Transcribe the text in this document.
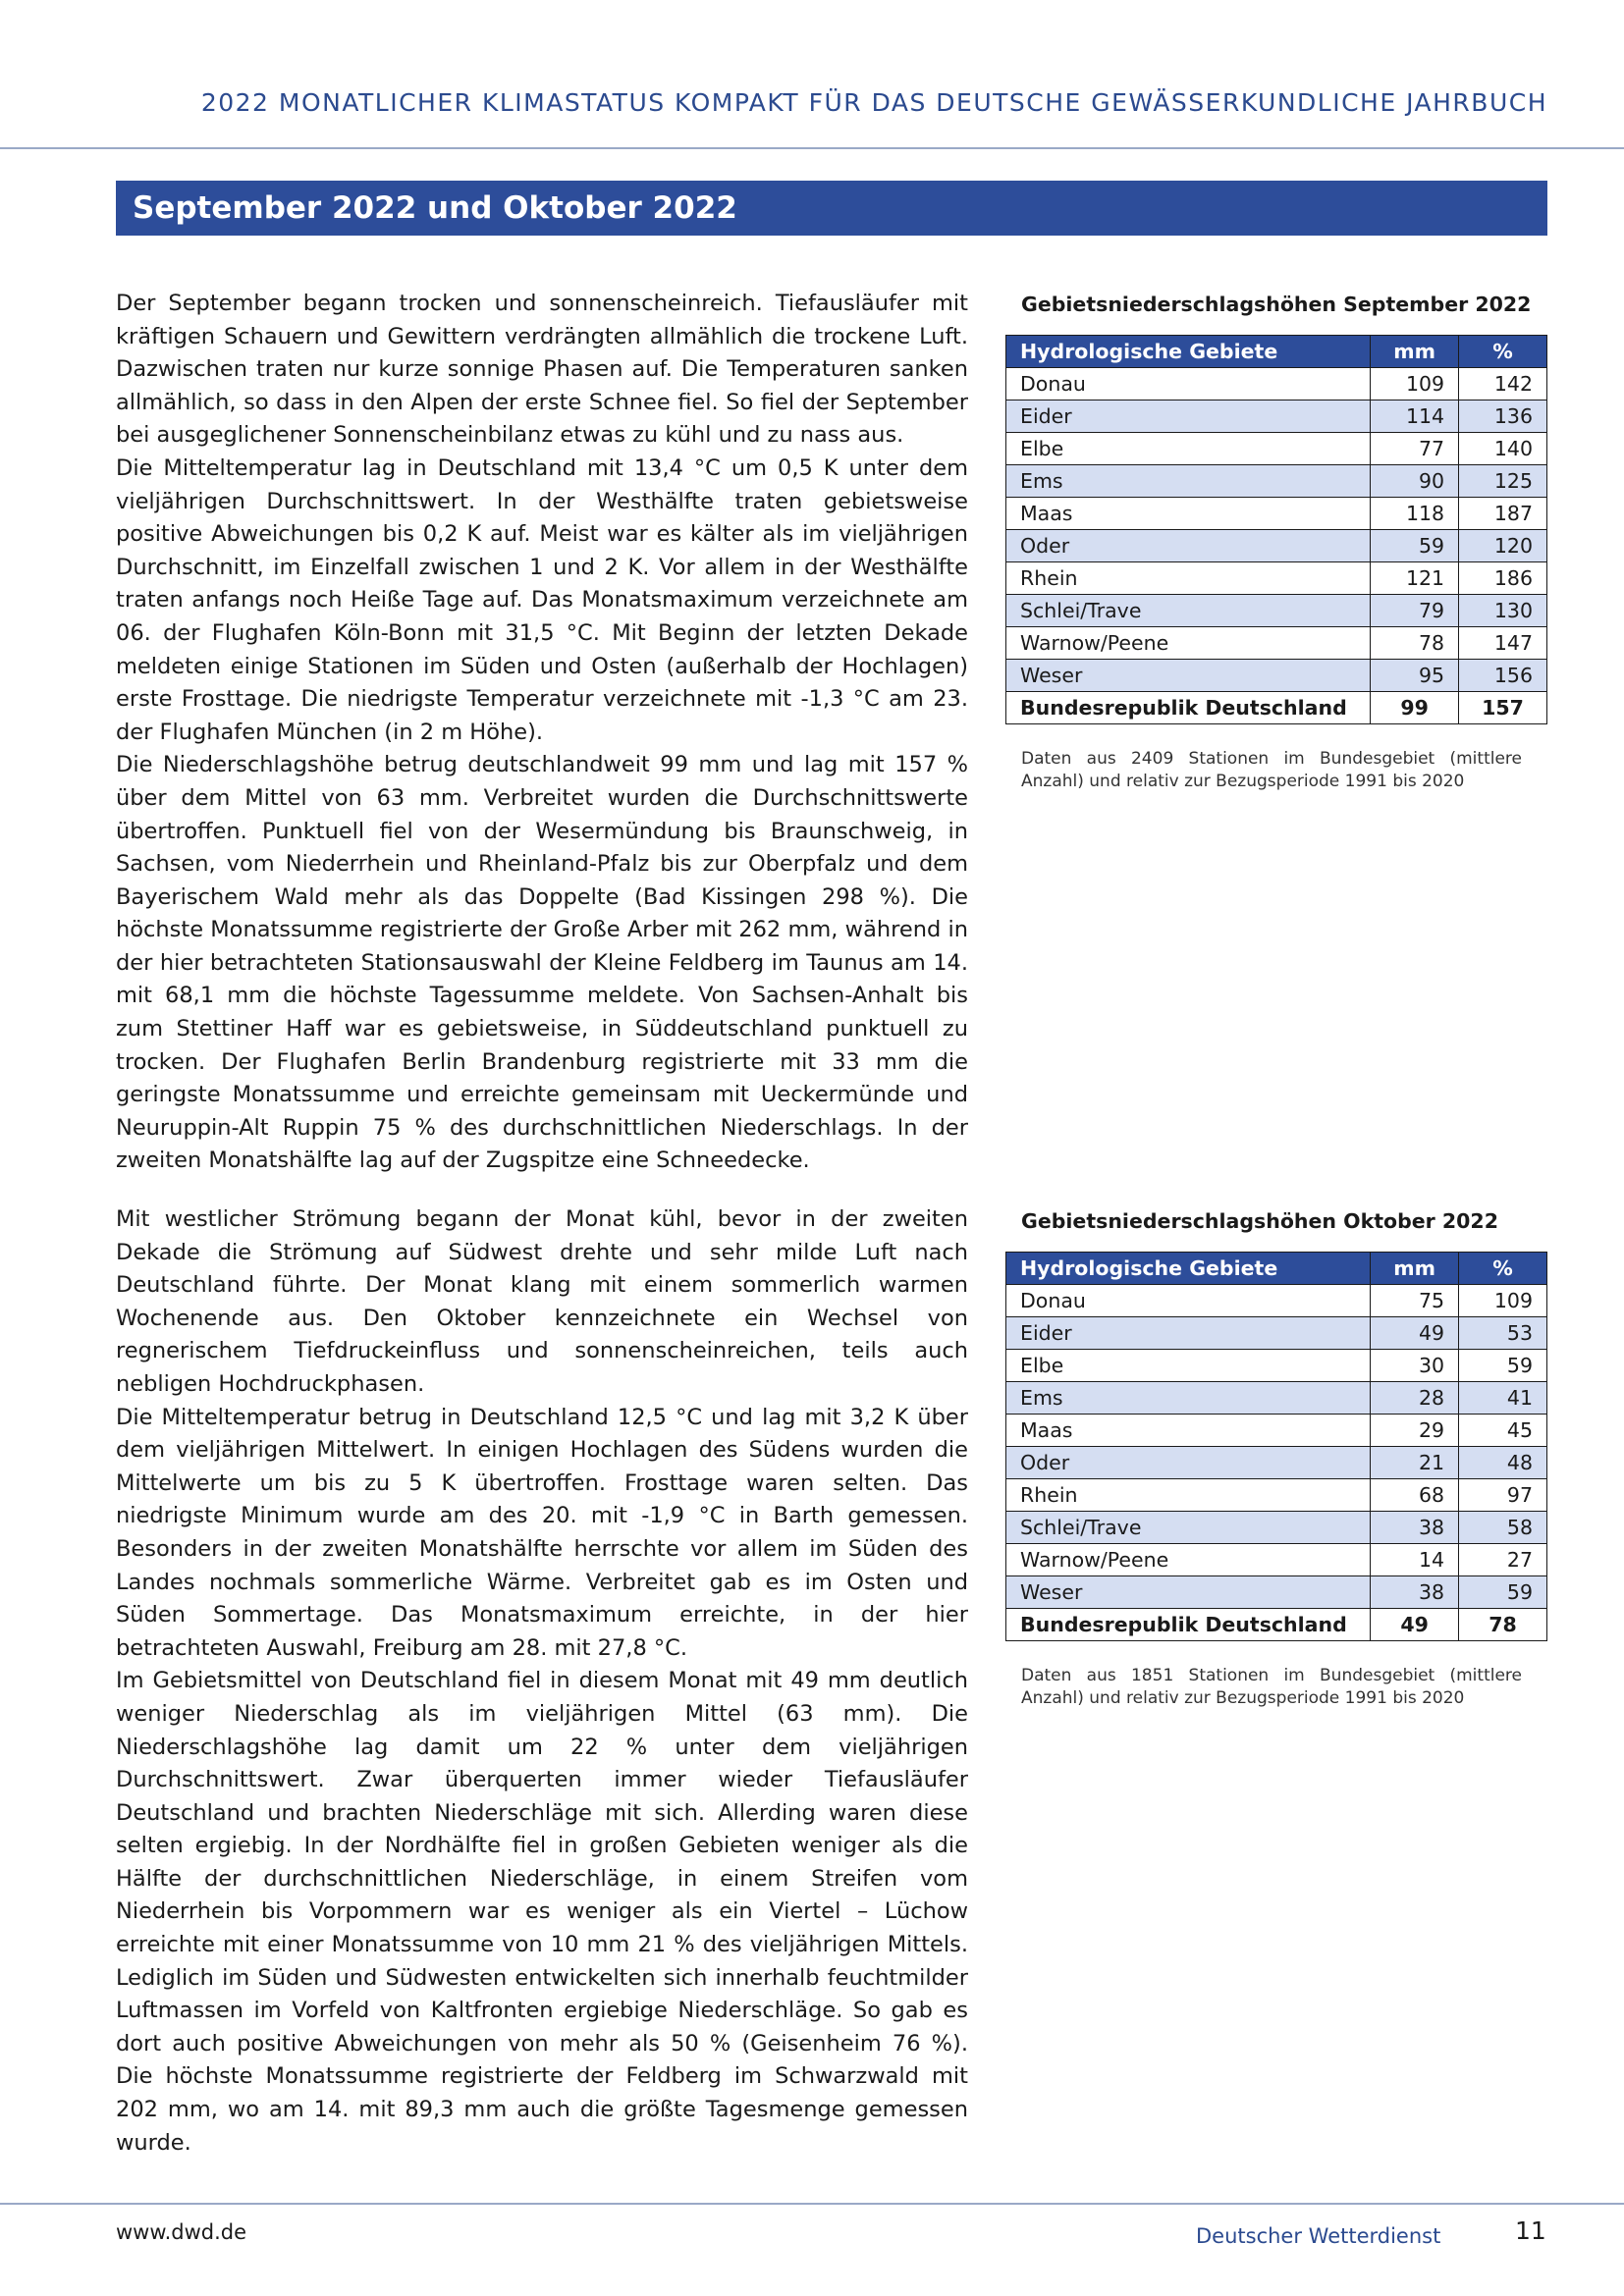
2022 MONATLICHER KLIMASTATUS KOMPAKT FÜR DAS DEUTSCHE GEWÄSSERKUNDLICHE JAHRBUCH
September 2022 und Oktober 2022

Der September begann trocken und sonnenscheinreich. Tiefausläufer mit kräftigen Schauern und Gewittern verdrängten allmählich die trockene Luft. Dazwischen traten nur kurze sonnige Phasen auf. Die Temperaturen sanken allmählich, so dass in den Alpen der erste Schnee fiel. So fiel der September bei ausgeglichener Sonnenscheinbilanz etwas zu kühl und zu nass aus.

Die Mitteltemperatur lag in Deutschland mit 13,4 °C um 0,5 K unter dem vieljährigen Durchschnittswert. In der Westhälfte traten gebietsweise positive Abweichungen bis 0,2 K auf. Meist war es kälter als im vieljährigen Durchschnitt, im Einzelfall zwischen 1 und 2 K. Vor allem in der Westhälfte traten anfangs noch Heiße Tage auf. Das Monatsmaximum verzeichnete am 06. der Flughafen Köln-Bonn mit 31,5 °C. Mit Beginn der letzten Dekade meldeten einige Stationen im Süden und Osten (außerhalb der Hochlagen) erste Frosttage. Die niedrigste Temperatur verzeichnete mit -1,3 °C am 23. der Flughafen München (in 2 m Höhe).

Die Niederschlagshöhe betrug deutschlandweit 99 mm und lag mit 157 % über dem Mittel von 63 mm. Verbreitet wurden die Durchschnittswerte übertroffen. Punktuell fiel von der Wesermündung bis Braunschweig, in Sachsen, vom Niederrhein und Rheinland-Pfalz bis zur Oberpfalz und dem Bayerischem Wald mehr als das Doppelte (Bad Kissingen 298 %). Die höchste Monatssumme registrierte der Große Arber mit 262 mm, während in der hier betrachteten Stationsauswahl der Kleine Feldberg im Taunus am 14. mit 68,1 mm die höchste Tagessumme meldete. Von Sachsen-Anhalt bis zum Stettiner Haff war es gebietsweise, in Süddeutschland punktuell zu trocken. Der Flughafen Berlin Brandenburg registrierte mit 33 mm die geringste Monatssumme und erreichte gemeinsam mit Ueckermünde und Neuruppin-Alt Ruppin 75 % des durchschnittlichen Niederschlags. In der zweiten Monatshälfte lag auf der Zugspitze eine Schneedecke.

Gebietsniederschlagshöhen September 2022
Hydrologische Gebiete	mm	%
Donau	109	142
Eider	114	136
Elbe	77	140
Ems	90	125
Maas	118	187
Oder	59	120
Rhein	121	186
Schlei/Trave	79	130
Warnow/Peene	78	147
Weser	95	156
Bundesrepublik Deutschland	99	157
Daten aus 2409 Stationen im Bundesgebiet (mittlere Anzahl) und relativ zur Bezugsperiode 1991 bis 2020

Mit westlicher Strömung begann der Monat kühl, bevor in der zweiten Dekade die Strömung auf Südwest drehte und sehr milde Luft nach Deutschland führte. Der Monat klang mit einem sommerlich warmen Wochenende aus. Den Oktober kennzeichnete ein Wechsel von regnerischem Tiefdruckeinfluss und sonnenscheinreichen, teils auch nebligen Hochdruckphasen.

Die Mitteltemperatur betrug in Deutschland 12,5 °C und lag mit 3,2 K über dem vieljährigen Mittelwert. In einigen Hochlagen des Südens wurden die Mittelwerte um bis zu 5 K übertroffen. Frosttage waren selten. Das niedrigste Minimum wurde am des 20. mit -1,9 °C in Barth gemessen. Besonders in der zweiten Monatshälfte herrschte vor allem im Süden des Landes nochmals sommerliche Wärme. Verbreitet gab es im Osten und Süden Sommertage. Das Monatsmaximum erreichte, in der hier betrachteten Auswahl, Freiburg am 28. mit 27,8 °C.

Im Gebietsmittel von Deutschland fiel in diesem Monat mit 49 mm deutlich weniger Niederschlag als im vieljährigen Mittel (63 mm). Die Niederschlagshöhe lag damit um 22 % unter dem vieljährigen Durchschnittswert. Zwar überquerten immer wieder Tiefausläufer Deutschland und brachten Niederschläge mit sich. Allerding waren diese selten ergiebig. In der Nordhälfte fiel in großen Gebieten weniger als die Hälfte der durchschnittlichen Niederschläge, in einem Streifen vom Niederrhein bis Vorpommern war es weniger als ein Viertel – Lüchow erreichte mit einer Monatssumme von 10 mm 21 % des vieljährigen Mittels. Lediglich im Süden und Südwesten entwickelten sich innerhalb feuchtmilder Luftmassen im Vorfeld von Kaltfronten ergiebige Niederschläge. So gab es dort auch positive Abweichungen von mehr als 50 % (Geisenheim 76 %). Die höchste Monatssumme registrierte der Feldberg im Schwarzwald mit 202 mm, wo am 14. mit 89,3 mm auch die größte Tagesmenge gemessen wurde.

Gebietsniederschlagshöhen Oktober 2022
Hydrologische Gebiete	mm	%
Donau	75	109
Eider	49	53
Elbe	30	59
Ems	28	41
Maas	29	45
Oder	21	48
Rhein	68	97
Schlei/Trave	38	58
Warnow/Peene	14	27
Weser	38	59
Bundesrepublik Deutschland	49	78
Daten aus 1851 Stationen im Bundesgebiet (mittlere Anzahl) und relativ zur Bezugsperiode 1991 bis 2020
www.dwd.de	Deutscher Wetterdienst	11
